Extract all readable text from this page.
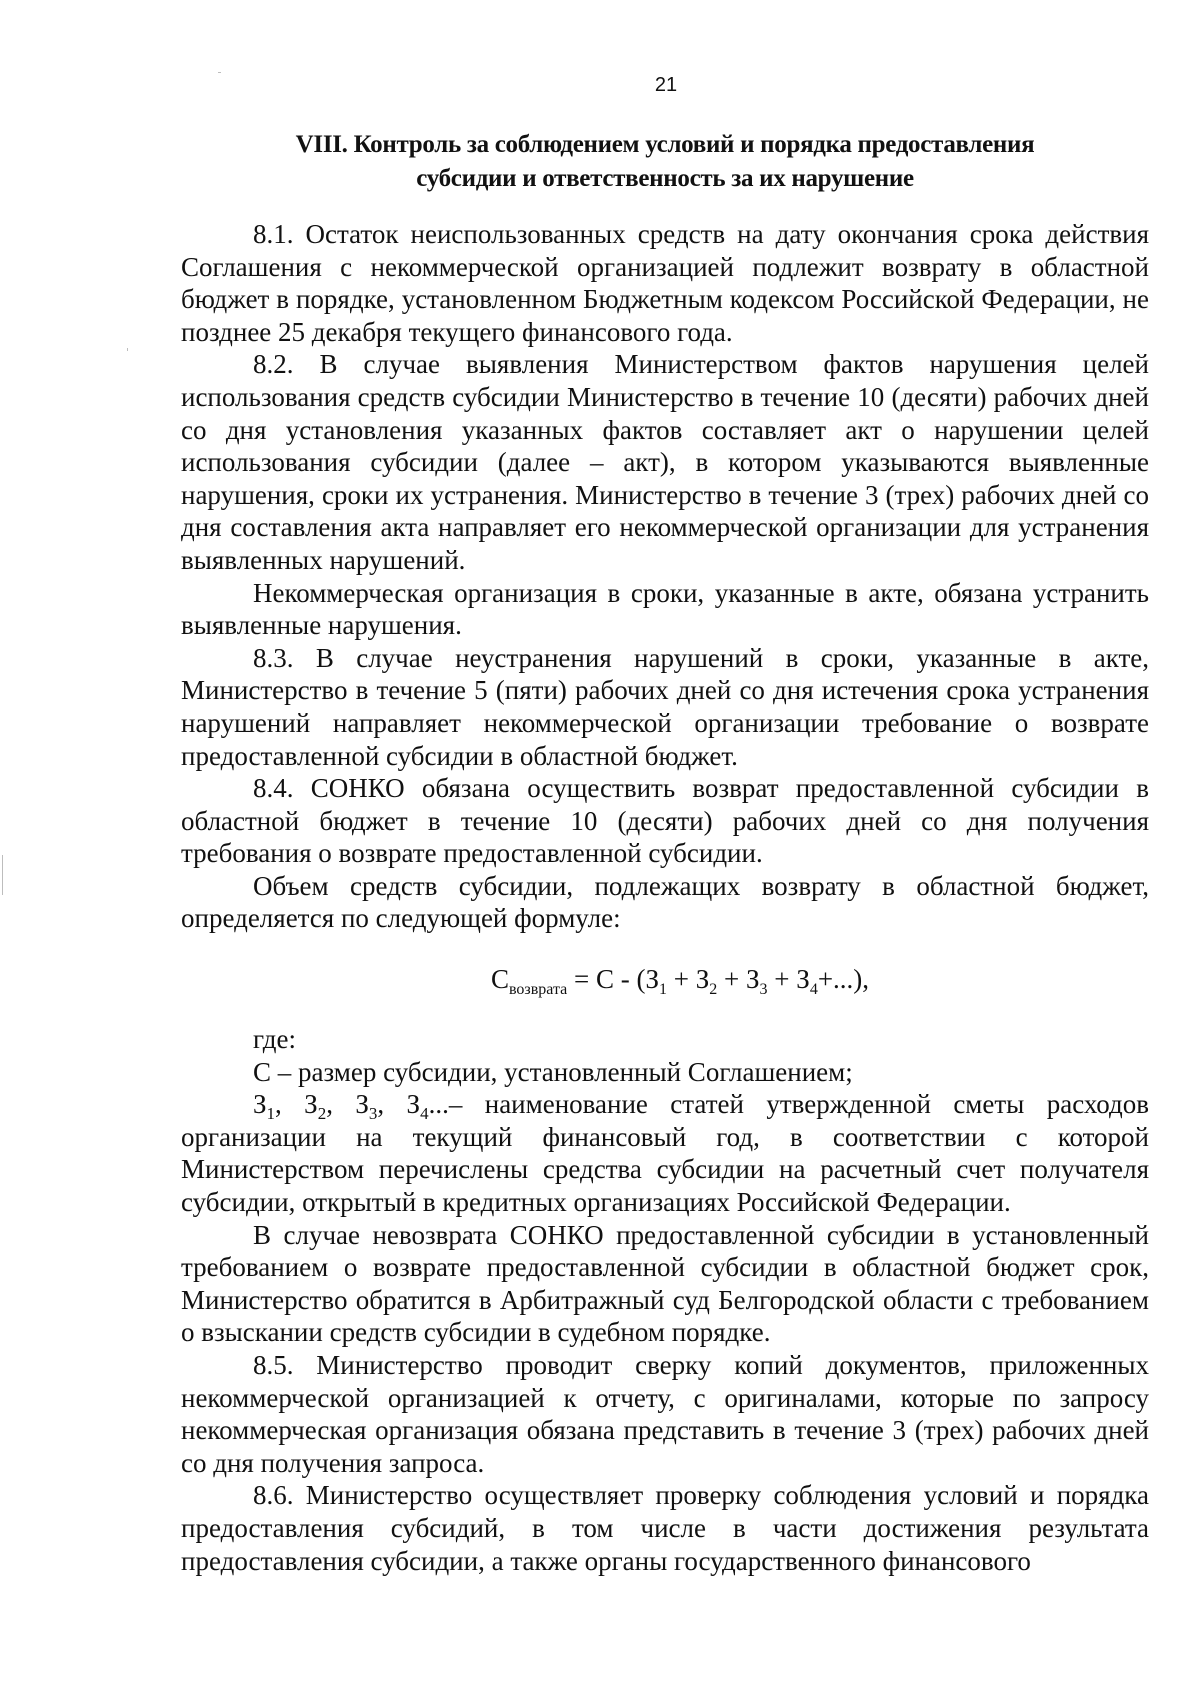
21
VIII. Контроль за соблюдением условий и порядка предоставления
субсидии и ответственность за их нарушение

8.1. Остаток неиспользованных средств на дату окончания срока действия Соглашения с некоммерческой организацией подлежит возврату в областной бюджет в порядке, установленном Бюджетным кодексом Российской Федерации, не позднее 25 декабря текущего финансового года.

8.2. В случае выявления Министерством фактов нарушения целей использования средств субсидии Министерство в течение 10 (десяти) рабочих дней со дня установления указанных фактов составляет акт о нарушении целей использования субсидии (далее – акт), в котором указываются выявленные нарушения, сроки их устранения. Министерство в течение 3 (трех) рабочих дней со дня составления акта направляет его некоммерческой организации для устранения выявленных нарушений.

Некоммерческая организация в сроки, указанные в акте, обязана устранить выявленные нарушения.

8.3. В случае неустранения нарушений в сроки, указанные в акте, Министерство в течение 5 (пяти) рабочих дней со дня истечения срока устранения нарушений направляет некоммерческой организации требование о возврате предоставленной субсидии в областной бюджет.

8.4. СОНКО обязана осуществить возврат предоставленной субсидии в областной бюджет в течение 10 (десяти) рабочих дней со дня получения требования о возврате предоставленной субсидии.

Объем средств субсидии, подлежащих возврату в областной бюджет, определяется по следующей формуле:

$С_{возврата} = С - (З_1 + З_2 + З_3 + З_4+...)$,

где:

С – размер субсидии, установленный Соглашением;

$З_1$, $З_2$, $З_3$, $З_4...-$ наименование статей утвержденной сметы расходов организации на текущий финансовый год, в соответствии с которой Министерством перечислены средства субсидии на расчетный счет получателя субсидии, открытый в кредитных организациях Российской Федерации.

В случае невозврата СОНКО предоставленной субсидии в установленный требованием о возврате предоставленной субсидии в областной бюджет срок, Министерство обратится в Арбитражный суд Белгородской области с требованием о взыскании средств субсидии в судебном порядке.

8.5. Министерство проводит сверку копий документов, приложенных некоммерческой организацией к отчету, с оригиналами, которые по запросу некоммерческая организация обязана представить в течение 3 (трех) рабочих дней со дня получения запроса.

8.6. Министерство осуществляет проверку соблюдения условий и порядка предоставления субсидий, в том числе в части достижения результата предоставления субсидии, а также органы государственного финансового
